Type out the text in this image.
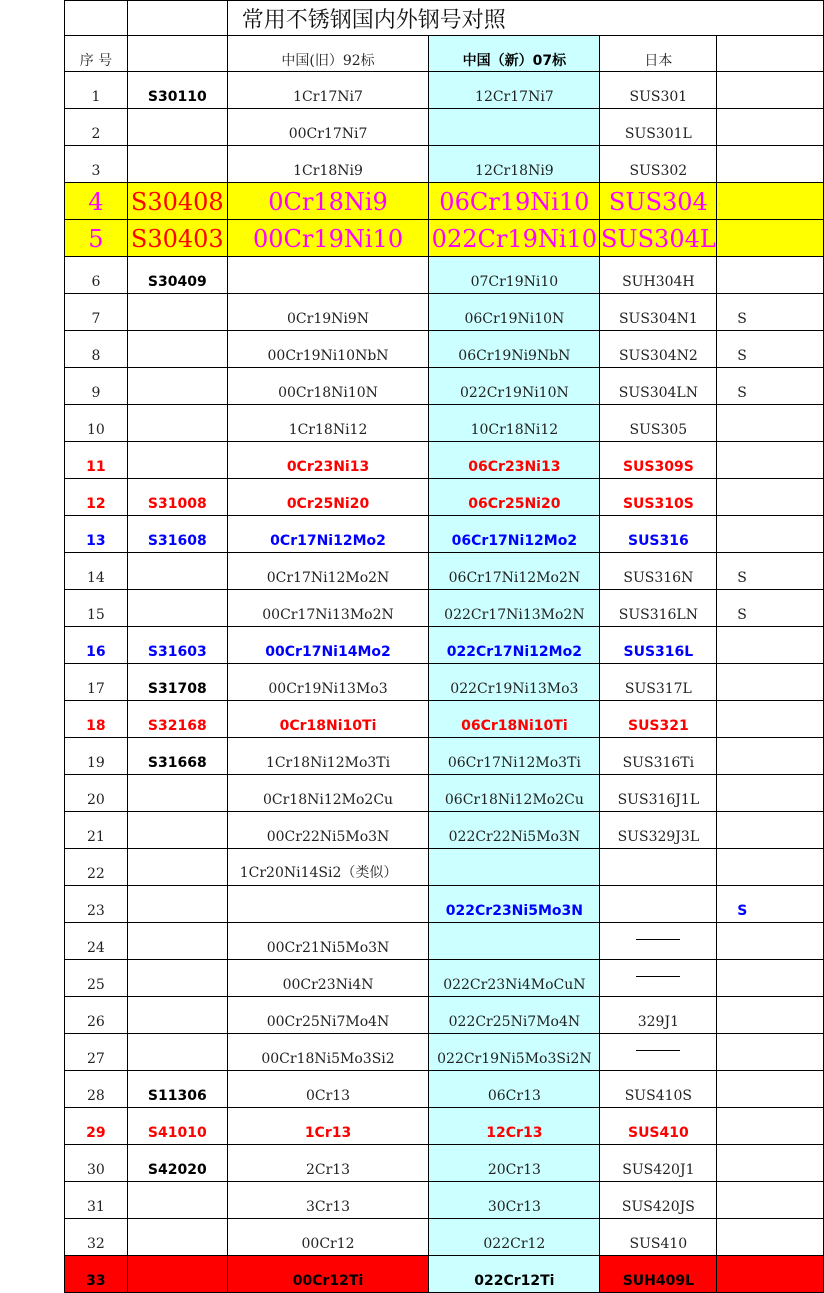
		常用不锈钢国内外钢号对照			
序 号		中国(旧）92标	中国（新）07标	日本	
1	S30110	1Cr17Ni7	12Cr17Ni7	SUS301	
2		00Cr17Ni7		SUS301L	
3		1Cr18Ni9	12Cr18Ni9	SUS302	
4	S30408	0Cr18Ni9	06Cr19Ni10	SUS304	
5	S30403	00Cr19Ni10	022Cr19Ni10	SUS304L	
6	S30409		07Cr19Ni10	SUH304H	
7		0Cr19Ni9N	06Cr19Ni10N	SUS304N1	S
8		00Cr19Ni10NbN	06Cr19Ni9NbN	SUS304N2	S
9		00Cr18Ni10N	022Cr19Ni10N	SUS304LN	S
10		1Cr18Ni12	10Cr18Ni12	SUS305	
11		0Cr23Ni13	06Cr23Ni13	SUS309S	
12	S31008	0Cr25Ni20	06Cr25Ni20	SUS310S	
13	S31608	0Cr17Ni12Mo2	06Cr17Ni12Mo2	SUS316	
14		0Cr17Ni12Mo2N	06Cr17Ni12Mo2N	SUS316N	S
15		00Cr17Ni13Mo2N	022Cr17Ni13Mo2N	SUS316LN	S
16	S31603	00Cr17Ni14Mo2	022Cr17Ni12Mo2	SUS316L	
17	S31708	00Cr19Ni13Mo3	022Cr19Ni13Mo3	SUS317L	
18	S32168	0Cr18Ni10Ti	06Cr18Ni10Ti	SUS321	
19	S31668	1Cr18Ni12Mo3Ti	06Cr17Ni12Mo3Ti	SUS316Ti	
20		0Cr18Ni12Mo2Cu	06Cr18Ni12Mo2Cu	SUS316J1L	
21		00Cr22Ni5Mo3N	022Cr22Ni5Mo3N	SUS329J3L	
22		1Cr20Ni14Si2（类似）			
23			022Cr23Ni5Mo3N		S
24		00Cr21Ni5Mo3N			
25		00Cr23Ni4N	022Cr23Ni4MoCuN		
26		00Cr25Ni7Mo4N	022Cr25Ni7Mo4N	329J1	
27		00Cr18Ni5Mo3Si2	022Cr19Ni5Mo3Si2N		
28	S11306	0Cr13	06Cr13	SUS410S	
29	S41010	1Cr13	12Cr13	SUS410	
30	S42020	2Cr13	20Cr13	SUS420J1	
31		3Cr13	30Cr13	SUS420JS	
32		00Cr12	022Cr12	SUS410	
33		00Cr12Ti	022Cr12Ti	SUH409L	
